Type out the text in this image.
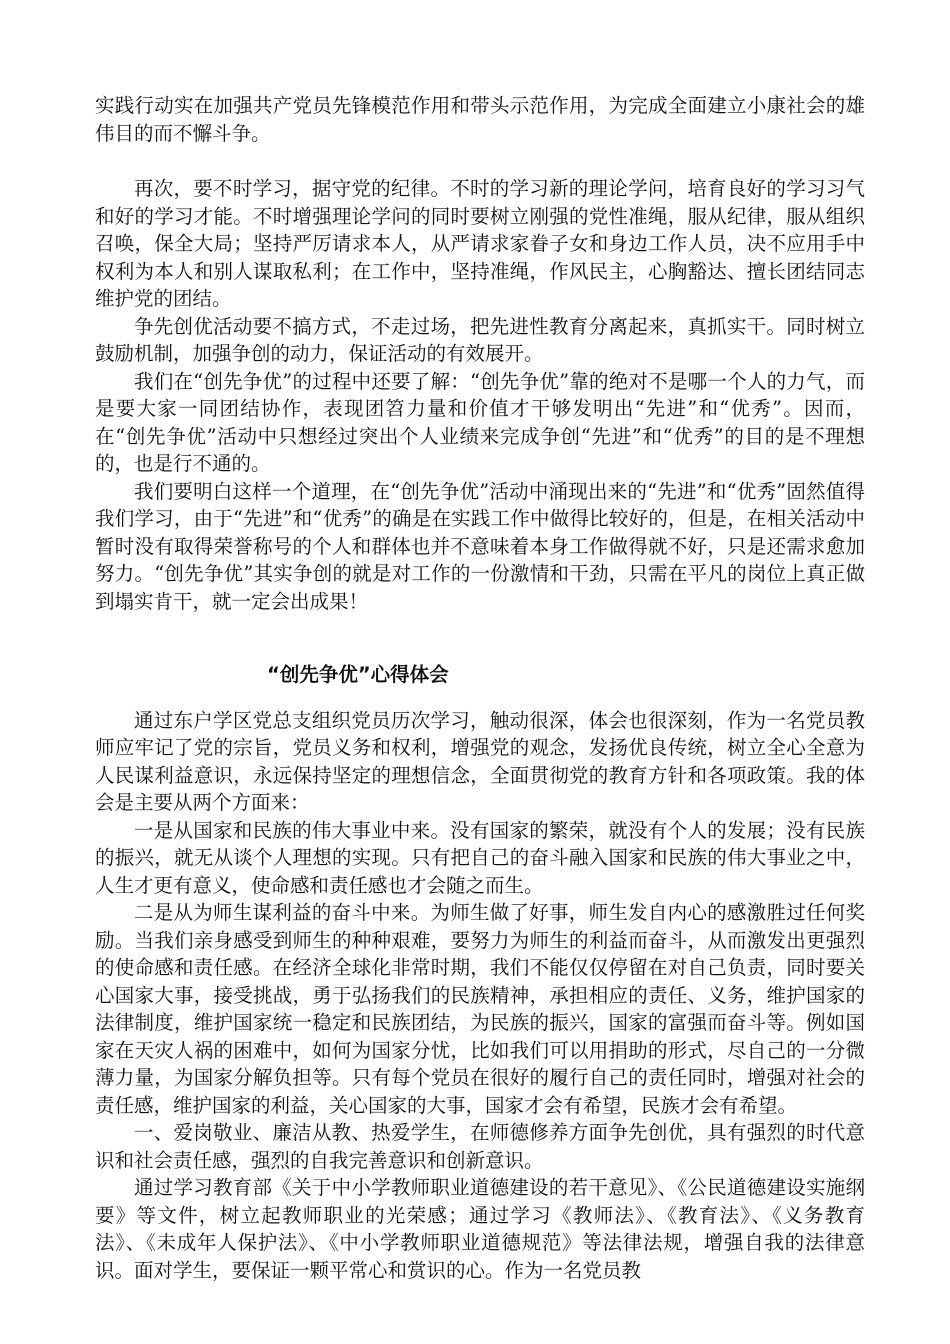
实践行动实在加强共产党员先锋模范作用和带头示范作用，为完成全面建立小康社会的雄伟目的而不懈斗争。

再次，要不时学习，据守党的纪律。不时的学习新的理论学问，培育良好的学习习气和好的学习才能。不时增强理论学问的同时要树立刚强的党性准绳，服从纪律，服从组织召唤，保全大局；坚持严厉请求本人，从严请求家眷子女和身边工作人员，决不应用手中权利为本人和别人谋取私利；在工作中，坚持准绳，作风民主，心胸豁达、擅长团结同志维护党的团结。

争先创优活动要不搞方式，不走过场，把先进性教育分离起来，真抓实干。同时树立鼓励机制，加强争创的动力，保证活动的有效展开。

我们在“创先争优”的过程中还要了解：“创先争优”靠的绝对不是哪一个人的力气，而是要大家一同团结协作，表现团笤力量和价值才干够发明出“先进”和“优秀”。因而，在“创先争优”活动中只想经过突出个人业绩来完成争创“先进”和“优秀”的目的是不理想的，也是行不通的。

我们要明白这样一个道理，在“创先争优”活动中涌现出来的“先进”和“优秀”固然值得我们学习，由于“先进”和“优秀”的确是在实践工作中做得比较好的，但是，在相关活动中暂时没有取得荣誉称号的个人和群体也并不意味着本身工作做得就不好，只是还需求愈加努力。“创先争优”其实争创的就是对工作的一份激情和干劲，只需在平凡的岗位上真正做到塌实肯干，就一定会出成果！

“创先争优”心得体会

通过东户学区党总支组织党员历次学习，触动很深，体会也很深刻，作为一名党员教师应牢记了党的宗旨，党员义务和权利，增强党的观念，发扬优良传统，树立全心全意为人民谋利益意识，永远保持坚定的理想信念，全面贯彻党的教育方针和各项政策。我的体会是主要从两个方面来：

一是从国家和民族的伟大事业中来。没有国家的繁荣，就没有个人的发展；没有民族的振兴，就无从谈个人理想的实现。只有把自己的奋斗融入国家和民族的伟大事业之中，人生才更有意义，使命感和责任感也才会随之而生。

二是从为师生谋利益的奋斗中来。为师生做了好事，师生发自内心的感激胜过任何奖励。当我们亲身感受到师生的种种艰难，要努力为师生的利益而奋斗，从而激发出更强烈的使命感和责任感。在经济全球化非常时期，我们不能仅仅停留在对自己负责，同时要关心国家大事，接受挑战，勇于弘扬我们的民族精神，承担相应的责任、义务，维护国家的法律制度，维护国家统一稳定和民族团结，为民族的振兴，国家的富强而奋斗等。例如国家在天灾人祸的困难中，如何为国家分忧，比如我们可以用捐助的形式，尽自己的一分微薄力量，为国家分解负担等。只有每个党员在很好的履行自己的责任同时，增强对社会的责任感，维护国家的利益，关心国家的大事，国家才会有希望，民族才会有希望。

一、爱岗敬业、廉洁从教、热爱学生，在师德修养方面争先创优，具有强烈的时代意识和社会责任感，强烈的自我完善意识和创新意识。

通过学习教育部《关于中小学教师职业道德建设的若干意见》、《公民道德建设实施纲要》等文件，树立起教师职业的光荣感；通过学习《教师法》、《教育法》、《义务教育法》、《未成年人保护法》、《中小学教师职业道德规范》等法律法规，增强自我的法律意识。面对学生，要保证一颗平常心和赏识的心。作为一名党员教
